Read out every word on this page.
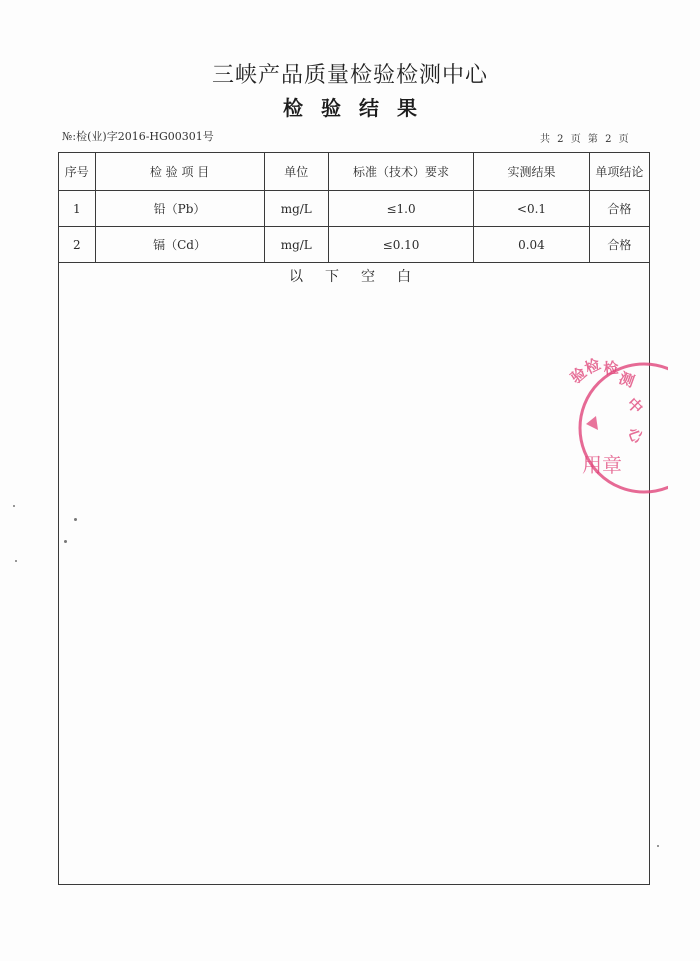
三峡产品质量检验检测中心
检验结果
№:检(业)字2016-HG00301号	共 2 页 第 2 页
序号	检 验 项 目	单位	标准（技术）要求	实测结果	单项结论
1	铅（Pb）	mg/L	≤1.0	<0.1	合格
2	镉（Cd）	mg/L	≤0.10	0.04	合格
以下空白
验
检 检
测
中
心
用章
